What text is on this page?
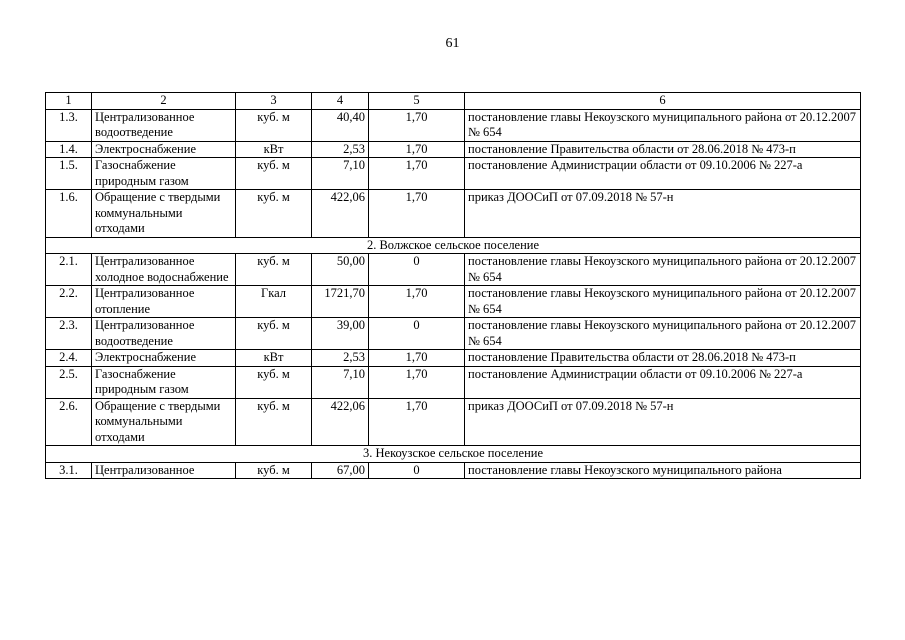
61
1	2	3	4	5	6
1.3.	Централизованное водоотведение	куб. м	40,40	1,70	постановление главы Некоузского муниципального района от 20.12.2007 № 654
1.4.	Электроснабжение	кВт	2,53	1,70	постановление Правительства области от 28.06.2018 № 473-п
1.5.	Газоснабжение природным газом	куб. м	7,10	1,70	постановление Администрации области от 09.10.2006 № 227-а
1.6.	Обращение с твердыми коммунальными отходами	куб. м	422,06	1,70	приказ ДООСиП от 07.09.2018 № 57-н
2. Волжское сельское поселение					
2.1.	Централизованное холодное водоснабжение	куб. м	50,00	0	постановление главы Некоузского муниципального района от 20.12.2007 № 654
2.2.	Централизованное отопление	Гкал	1721,70	1,70	постановление главы Некоузского муниципального района от 20.12.2007 № 654
2.3.	Централизованное водоотведение	куб. м	39,00	0	постановление главы Некоузского муниципального района от 20.12.2007 № 654
2.4.	Электроснабжение	кВт	2,53	1,70	постановление Правительства области от 28.06.2018 № 473-п
2.5.	Газоснабжение природным газом	куб. м	7,10	1,70	постановление Администрации области от 09.10.2006 № 227-а
2.6.	Обращение с твердыми коммунальными отходами	куб. м	422,06	1,70	приказ ДООСиП от 07.09.2018 № 57-н
3. Некоузское сельское поселение					
3.1.	Централизованное	куб. м	67,00	0	постановление главы Некоузского муниципального района
